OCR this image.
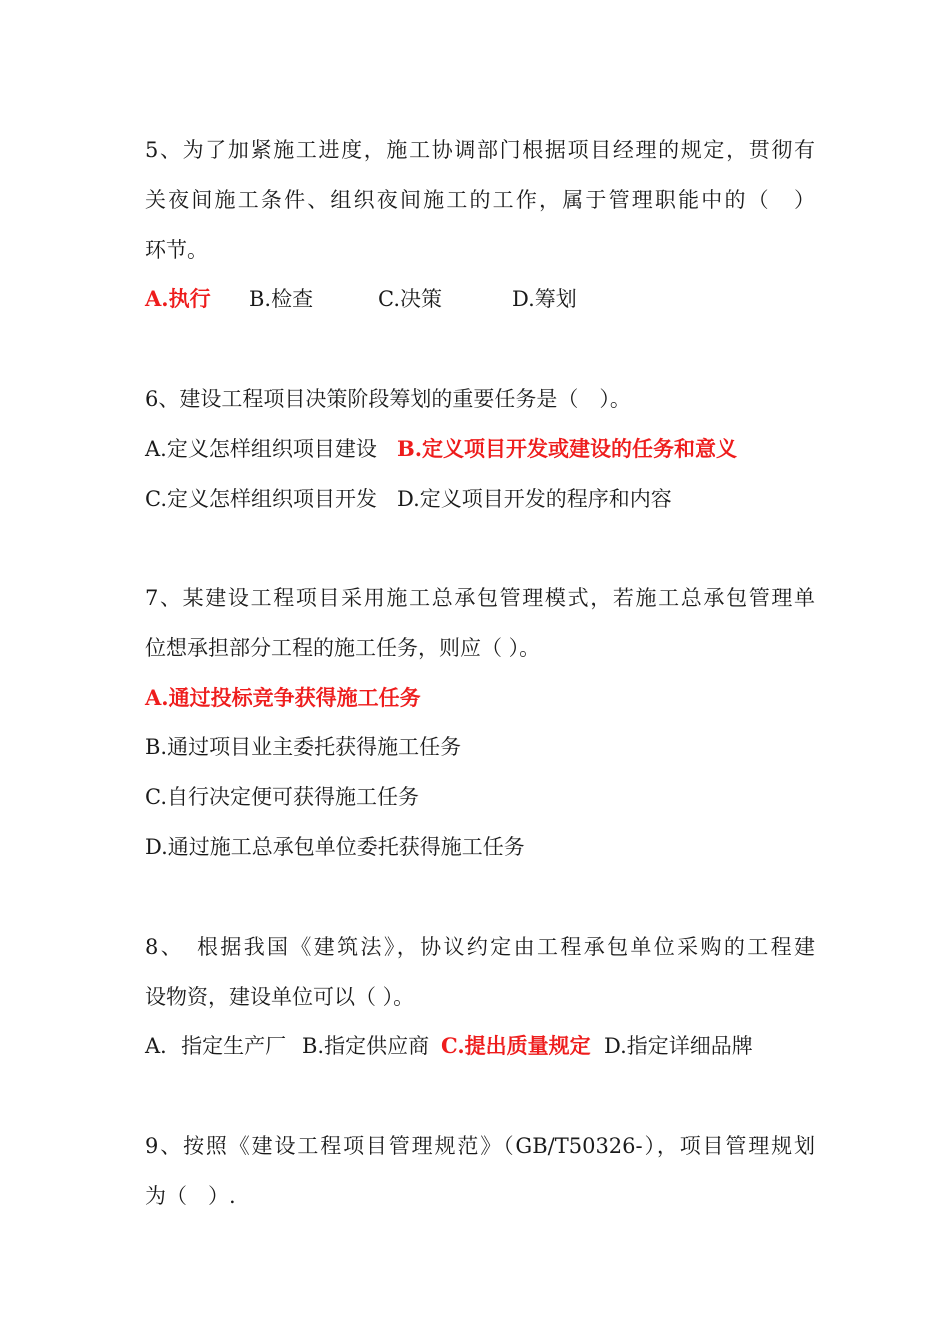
5、为了加紧施工进度，施工协调部门根据项目经理的规定，贯彻有
关夜间施工条件、组织夜间施工的工作，属于管理职能中的（　）
环节。
A.执行 B.检查	C.决策	D.筹划
6、建设工程项目决策阶段筹划的重要任务是（　）。
A.定义怎样组织项目建设 B.定义项目开发或建设的任务和意义
C.定义怎样组织项目开发 D.定义项目开发的程序和内容
7、某建设工程项目采用施工总承包管理模式，若施工总承包管理单
位想承担部分工程的施工任务，则应（ ）。
A.通过投标竞争获得施工任务
B.通过项目业主委托获得施工任务
C.自行决定便可获得施工任务
D.通过施工总承包单位委托获得施工任务
8、　根据我国《建筑法》，协议约定由工程承包单位采购的工程建
设物资，建设单位可以（ ）。
A．指定生产厂 B.指定供应商 C.提出质量规定 D.指定详细品牌
9、按照《建设工程项目管理规范》（GB/T50326-），项目管理规划
为（　）.
